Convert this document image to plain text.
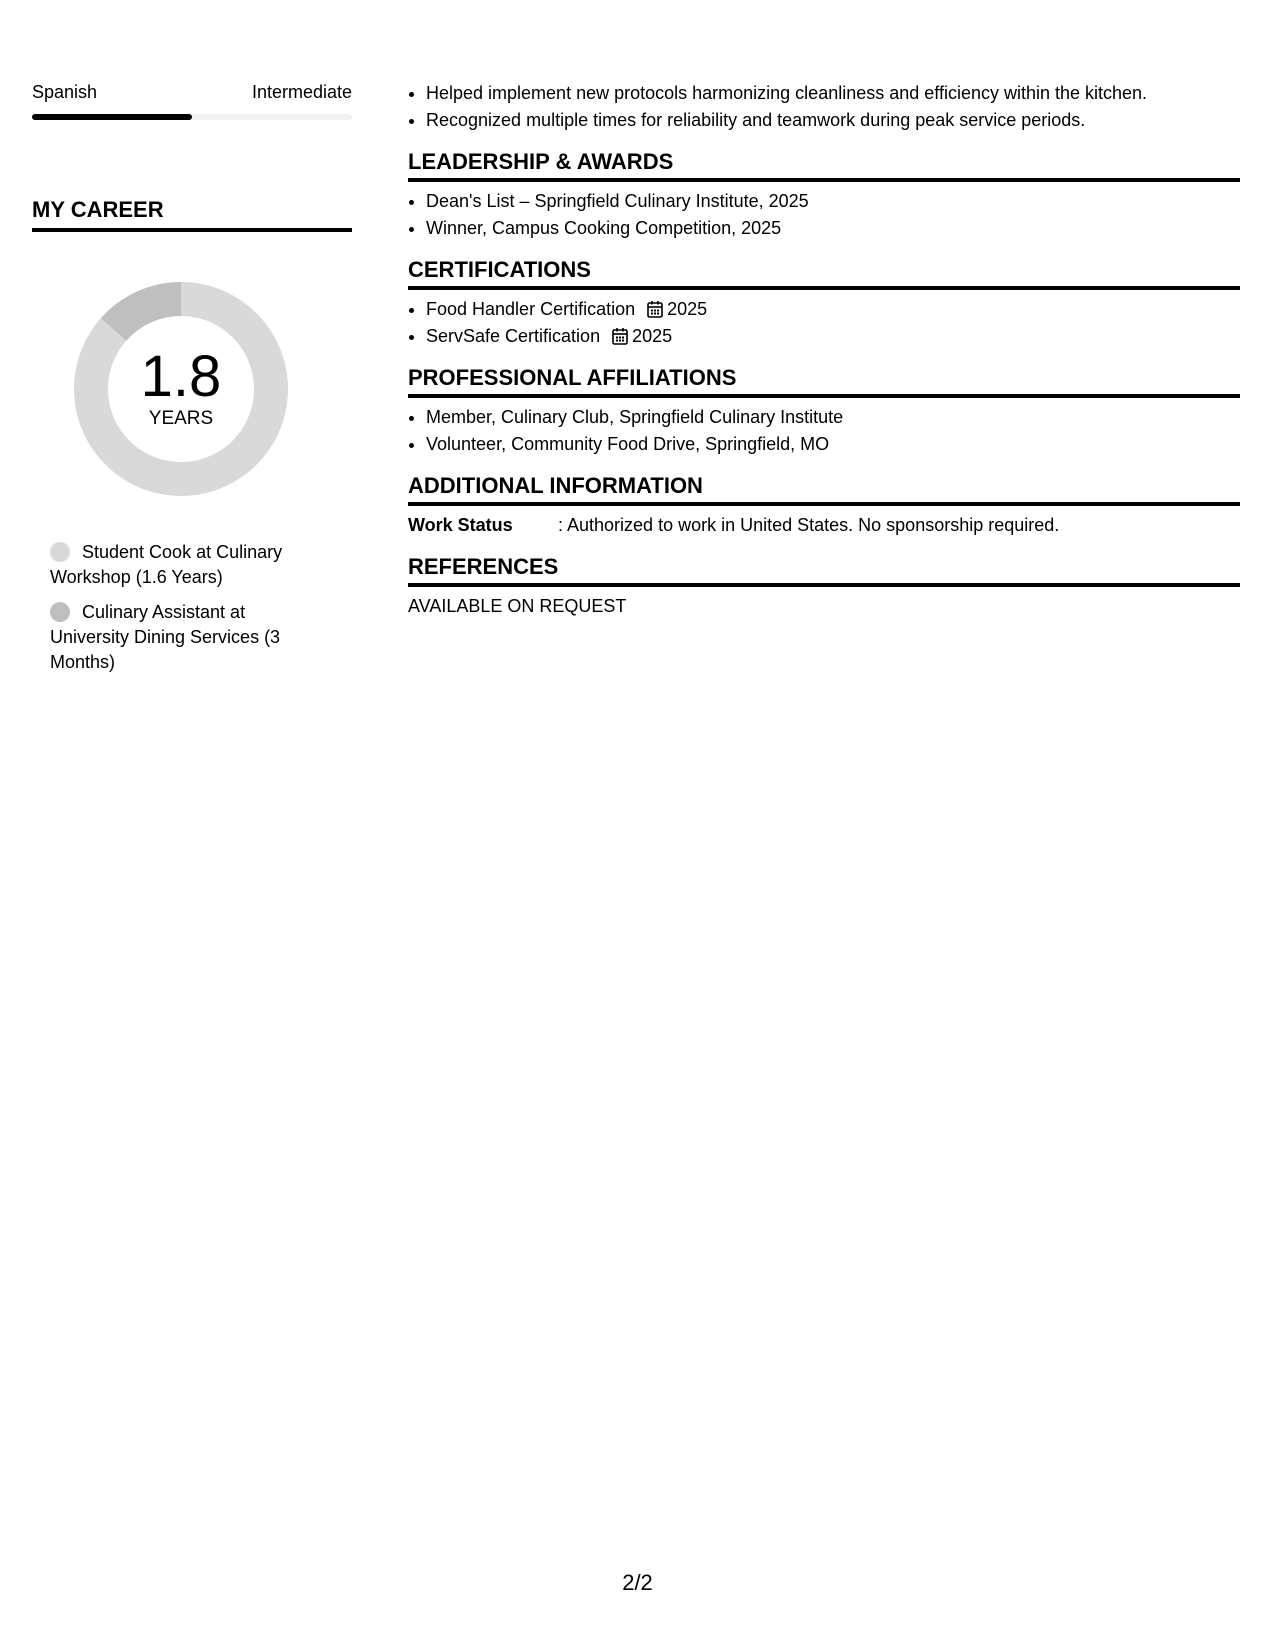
Spanish	Intermediate
MY CAREER
1.8
YEARS
Student Cook at Culinary Workshop (1.6 Years)
Culinary Assistant at University Dining Services (3 Months)
• Helped implement new protocols harmonizing cleanliness and efficiency within the kitchen.
• Recognized multiple times for reliability and teamwork during peak service periods.
LEADERSHIP & AWARDS
• Dean's List – Springfield Culinary Institute, 2025
• Winner, Campus Cooking Competition, 2025
CERTIFICATIONS
• Food Handler Certification 2025
• ServSafe Certification 2025
PROFESSIONAL AFFILIATIONS
• Member, Culinary Club, Springfield Culinary Institute
• Volunteer, Community Food Drive, Springfield, MO
ADDITIONAL INFORMATION
Work Status	: Authorized to work in United States. No sponsorship required.
REFERENCES
AVAILABLE ON REQUEST
2/2
